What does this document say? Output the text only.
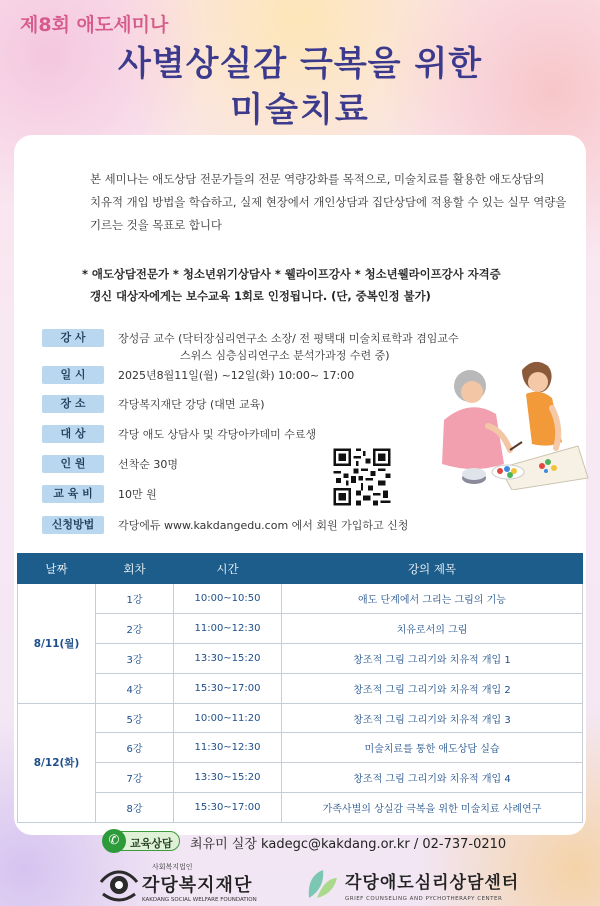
제8회 애도세미나
사별상실감 극복을 위한
미술치료

본 세미나는 애도상담 전문가들의 전문 역량강화를 목적으로, 미술치료를 활용한 애도상담의

치유적 개입 방법을 학습하고, 실제 현장에서 개인상담과 집단상담에 적용할 수 있는 실무 역량을

기르는 것을 목표로 합니다

* 애도상담전문가 * 청소년위기상담사 * 웰라이프강사 * 청소년웰라이프강사 자격증

갱신 대상자에게는 보수교육 1회로 인정됩니다. (단, 중복인정 불가)

강 사	장성금 교수 (닥터장심리연구소 소장/ 전 평택대 미술치료학과 겸임교수
스위스 심층심리연구소 분석가과정 수련 중)
일 시	2025년8월11일(월) ~12일(화) 10:00~ 17:00
장 소	각당복지재단 강당 (대면 교육)
대 상	각당 애도 상담사 및 각당아카데미 수료생
인 원	선착순 30명
교 육 비	10만 원
신청방법	각당에듀 www.kakdangedu.com 에서 회원 가입하고 신청
날짜	회차	시간	강의 제목
8/11(월)	1강	10:00~10:50	애도 단계에서 그리는 그림의 기능
	2강	11:00~12:30	치유로서의 그림
	3강	13:30~15:20	창조적 그림 그리기와 치유적 개입 1
	4강	15:30~17:00	창조적 그림 그리기와 치유적 개입 2
8/12(화)	5강	10:00~11:20	창조적 그림 그리기와 치유적 개입 3
	6강	11:30~12:30	미술치료를 통한 애도상담 실습
	7강	13:30~15:20	창조적 그림 그리기와 치유적 개입 4
	8강	15:30~17:00	가족사별의 상실감 극복을 위한 미술치료 사례연구
✆ 교육상담 최유미 실장 kadegc@kakdang.or.kr / 02-737-0210
사회복지법인
각당복지재단
KAKDANG SOCIAL WELFARE FOUNDATION
각당애도심리상담센터
GRIEF COUNSELING AND PYCHOTHERAPY CENTER
